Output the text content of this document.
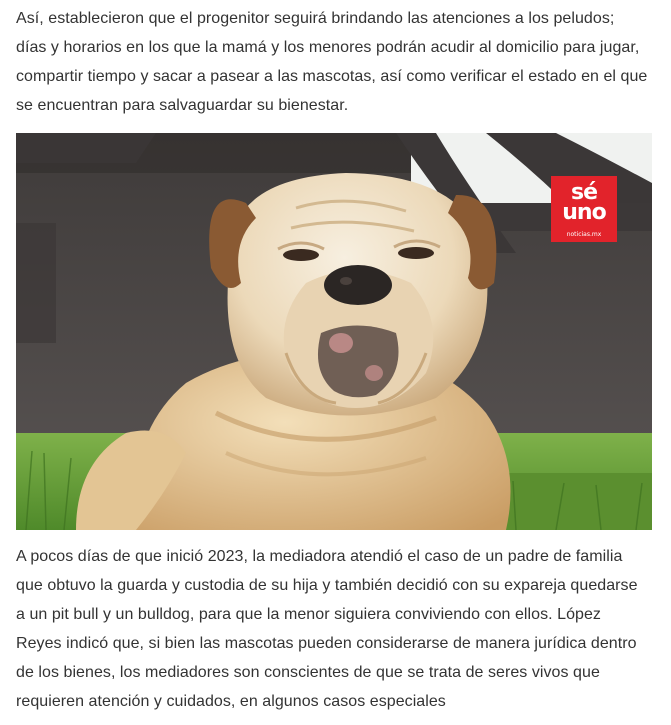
Así, establecieron que el progenitor seguirá brindando las atenciones a los peludos;
días y horarios en los que la mamá y los menores podrán acudir al domicilio para jugar,
compartir tiempo y sacar a pasear a las mascotas, así como verificar el estado en el que
se encuentran para salvaguardar su bienestar.

sé
uno
noticias.mx

A pocos días de que inició 2023, la mediadora atendió el caso de un padre de familia
que obtuvo la guarda y custodia de su hija y también decidió con su expareja quedarse
a un pit bull y un bulldog, para que la menor siguiera conviviendo con ellos. López
Reyes indicó que, si bien las mascotas pueden considerarse de manera jurídica dentro
de los bienes, los mediadores son conscientes de que se trata de seres vivos que
requieren atención y cuidados, en algunos casos especiales
